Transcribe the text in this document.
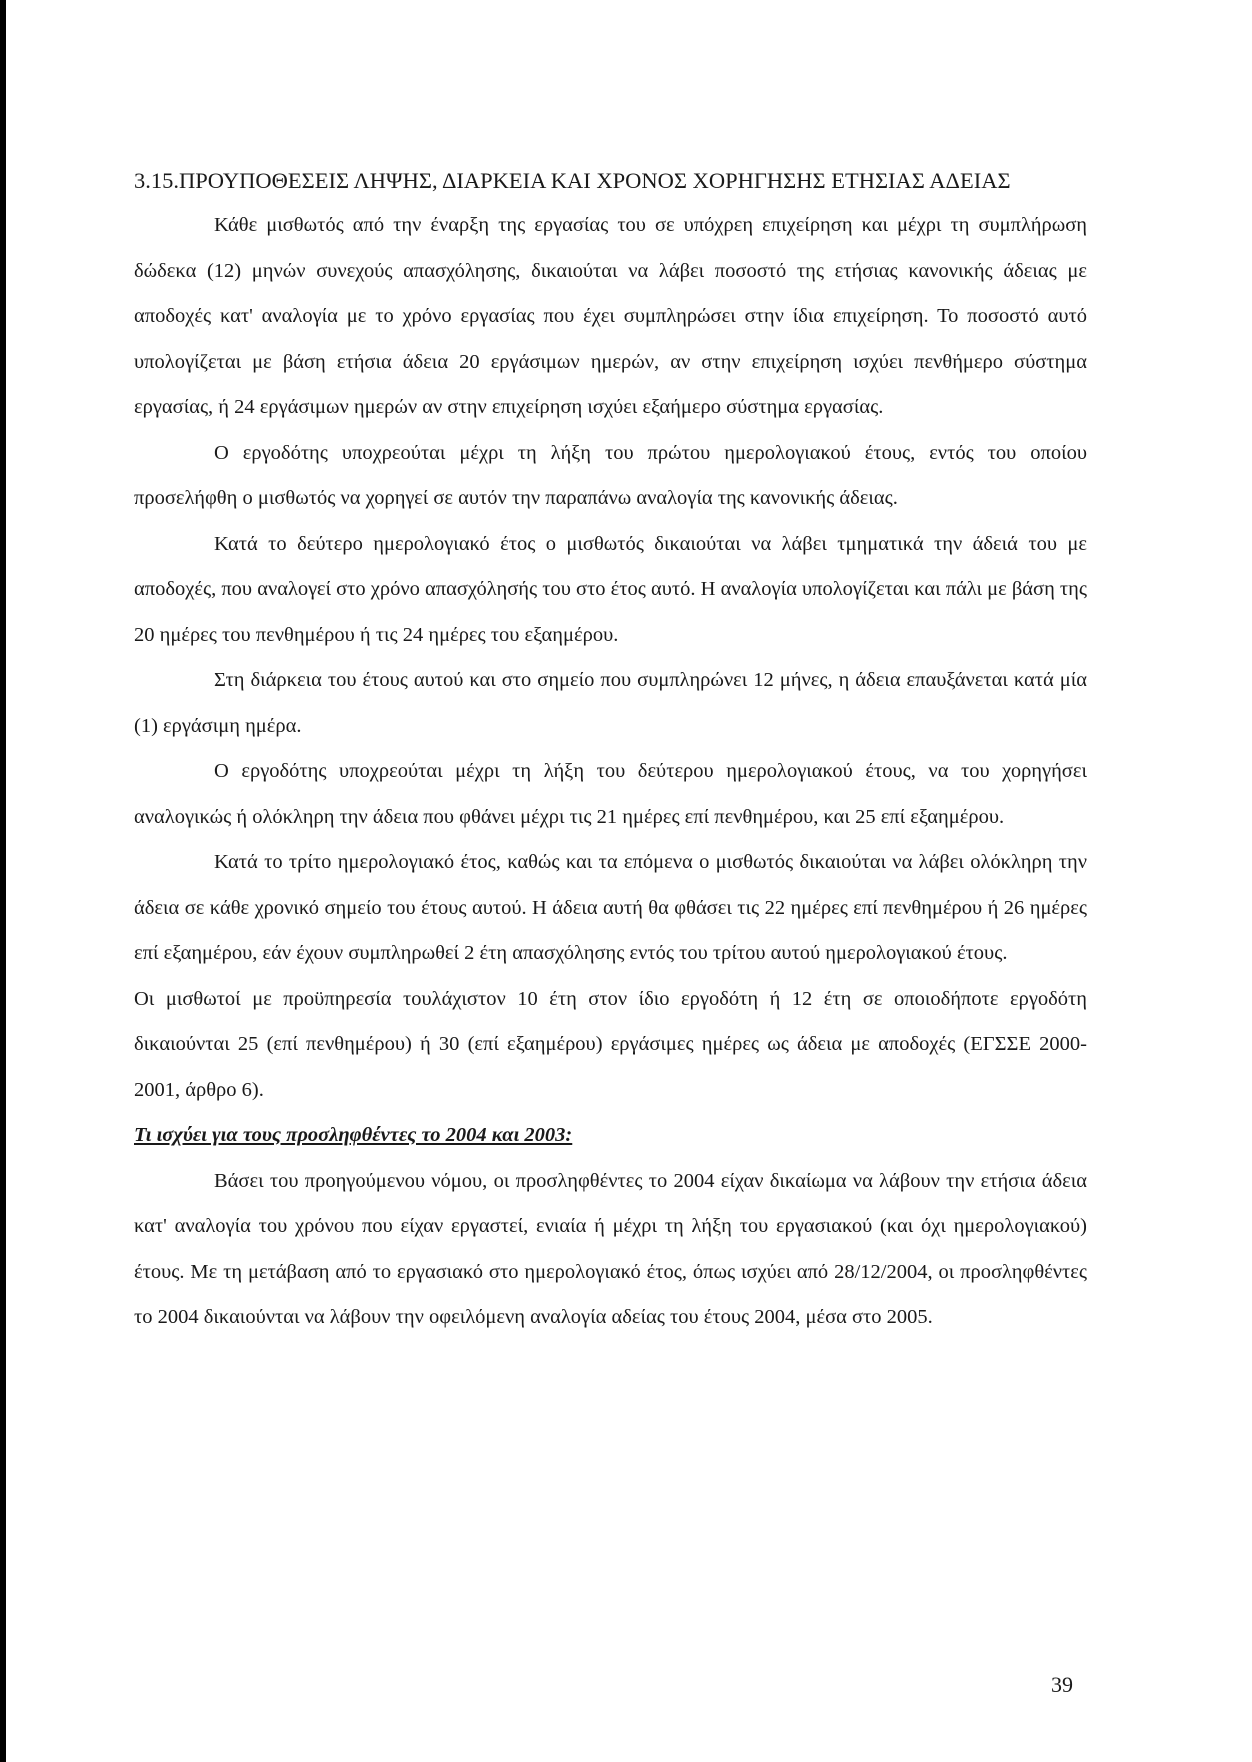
3.15.ΠΡΟΥΠΟΘΕΣΕΙΣ ΛΗΨΗΣ, ΔΙΑΡΚΕΙΑ ΚΑΙ ΧΡΟΝΟΣ ΧΟΡΗΓΗΣΗΣ ΕΤΗΣΙΑΣ ΑΔΕΙΑΣ

Κάθε μισθωτός από την έναρξη της εργασίας του σε υπόχρεη επιχείρηση και μέχρι τη συμπλήρωση δώδεκα (12) μηνών συνεχούς απασχόλησης, δικαιούται να λάβει ποσοστό της ετήσιας κανονικής άδειας με αποδοχές κατ' αναλογία με το χρόνο εργασίας που έχει συμπληρώσει στην ίδια επιχείρηση. Το ποσοστό αυτό υπολογίζεται με βάση ετήσια άδεια 20 εργάσιμων ημερών, αν στην επιχείρηση ισχύει πενθήμερο σύστημα εργασίας, ή 24 εργάσιμων ημερών αν στην επιχείρηση ισχύει εξαήμερο σύστημα εργασίας.

Ο εργοδότης υποχρεούται μέχρι τη λήξη του πρώτου ημερολογιακού έτους, εντός του οποίου προσελήφθη ο μισθωτός να χορηγεί σε αυτόν την παραπάνω αναλογία της κανονικής άδειας.

Κατά το δεύτερο ημερολογιακό έτος ο μισθωτός δικαιούται να λάβει τμηματικά την άδειά του με αποδοχές, που αναλογεί στο χρόνο απασχόλησής του στο έτος αυτό. Η αναλογία υπολογίζεται και πάλι με βάση της 20 ημέρες του πενθημέρου ή τις 24 ημέρες του εξαημέρου.

Στη διάρκεια του έτους αυτού και στο σημείο που συμπληρώνει 12 μήνες, η άδεια επαυξάνεται κατά μία (1) εργάσιμη ημέρα.

Ο εργοδότης υποχρεούται μέχρι τη λήξη του δεύτερου ημερολογιακού έτους, να του χορηγήσει αναλογικώς ή ολόκληρη την άδεια που φθάνει μέχρι τις 21 ημέρες επί πενθημέρου, και 25 επί εξαημέρου.

Κατά το τρίτο ημερολογιακό έτος, καθώς και τα επόμενα ο μισθωτός δικαιούται να λάβει ολόκληρη την άδεια σε κάθε χρονικό σημείο του έτους αυτού. Η άδεια αυτή θα φθάσει τις 22 ημέρες επί πενθημέρου ή 26 ημέρες επί εξαημέρου, εάν έχουν συμπληρωθεί 2 έτη απασχόλησης εντός του τρίτου αυτού ημερολογιακού έτους.

Οι μισθωτοί με προϋπηρεσία τουλάχιστον 10 έτη στον ίδιο εργοδότη ή 12 έτη σε οποιοδήποτε εργοδότη δικαιούνται 25 (επί πενθημέρου) ή 30 (επί εξαημέρου) εργάσιμες ημέρες ως άδεια με αποδοχές (ΕΓΣΣΕ 2000-2001, άρθρο 6).

Τι ισχύει για τους προσληφθέντες το 2004 και 2003:

Βάσει του προηγούμενου νόμου, οι προσληφθέντες το 2004 είχαν δικαίωμα να λάβουν την ετήσια άδεια κατ' αναλογία του χρόνου που είχαν εργαστεί, ενιαία ή μέχρι τη λήξη του εργασιακού (και όχι ημερολογιακού) έτους. Με τη μετάβαση από το εργασιακό στο ημερολογιακό έτος, όπως ισχύει από 28/12/2004, οι προσληφθέντες το 2004 δικαιούνται να λάβουν την οφειλόμενη αναλογία αδείας του έτους 2004, μέσα στο 2005.

39
